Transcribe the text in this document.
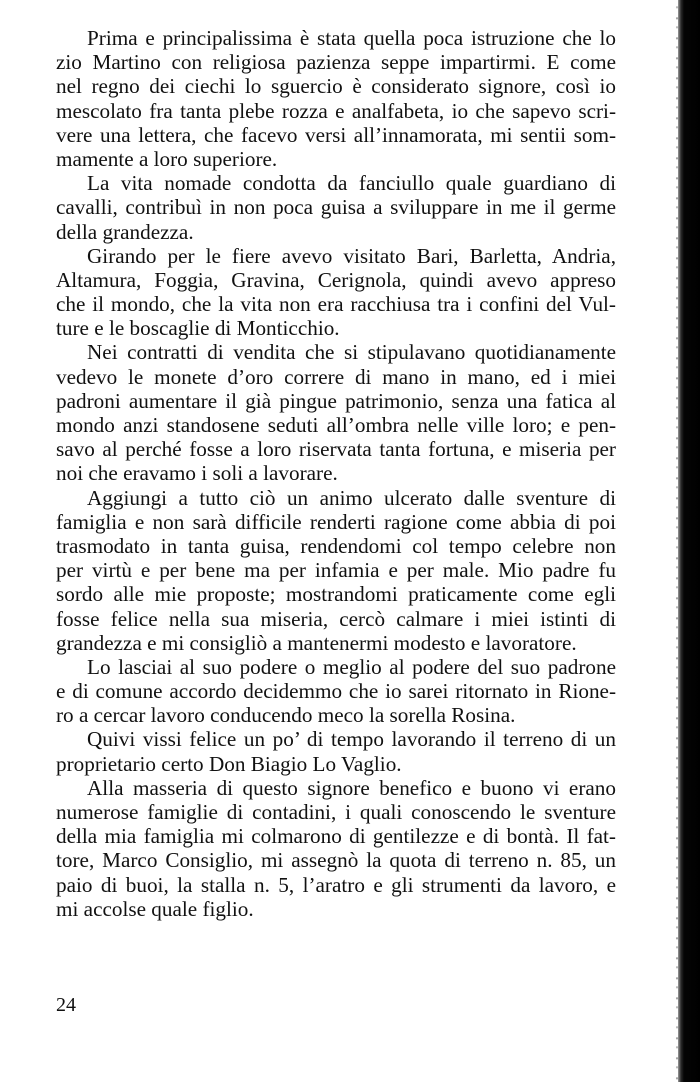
Prima e principalissima è stata quella poca istruzione che lo
zio Martino con religiosa pazienza seppe impartirmi. E come
nel regno dei ciechi lo sguercio è considerato signore, così io
mescolato fra tanta plebe rozza e analfabeta, io che sapevo scri-
vere una lettera, che facevo versi all’innamorata, mi sentii som-
mamente a loro superiore.
La vita nomade condotta da fanciullo quale guardiano di
cavalli, contribuì in non poca guisa a sviluppare in me il germe
della grandezza.
Girando per le fiere avevo visitato Bari, Barletta, Andria,
Altamura, Foggia, Gravina, Cerignola, quindi avevo appreso
che il mondo, che la vita non era racchiusa tra i confini del Vul-
ture e le boscaglie di Monticchio.
Nei contratti di vendita che si stipulavano quotidianamente
vedevo le monete d’oro correre di mano in mano, ed i miei
padroni aumentare il già pingue patrimonio, senza una fatica al
mondo anzi standosene seduti all’ombra nelle ville loro; e pen-
savo al perché fosse a loro riservata tanta fortuna, e miseria per
noi che eravamo i soli a lavorare.
Aggiungi a tutto ciò un animo ulcerato dalle sventure di
famiglia e non sarà difficile renderti ragione come abbia di poi
trasmodato in tanta guisa, rendendomi col tempo celebre non
per virtù e per bene ma per infamia e per male. Mio padre fu
sordo alle mie proposte; mostrandomi praticamente come egli
fosse felice nella sua miseria, cercò calmare i miei istinti di
grandezza e mi consigliò a mantenermi modesto e lavoratore.
Lo lasciai al suo podere o meglio al podere del suo padrone
e di comune accordo decidemmo che io sarei ritornato in Rione-
ro a cercar lavoro conducendo meco la sorella Rosina.
Quivi vissi felice un po’ di tempo lavorando il terreno di un
proprietario certo Don Biagio Lo Vaglio.
Alla masseria di questo signore benefico e buono vi erano
numerose famiglie di contadini, i quali conoscendo le sventure
della mia famiglia mi colmarono di gentilezze e di bontà. Il fat-
tore, Marco Consiglio, mi assegnò la quota di terreno n. 85, un
paio di buoi, la stalla n. 5, l’aratro e gli strumenti da lavoro, e
mi accolse quale figlio.
24
